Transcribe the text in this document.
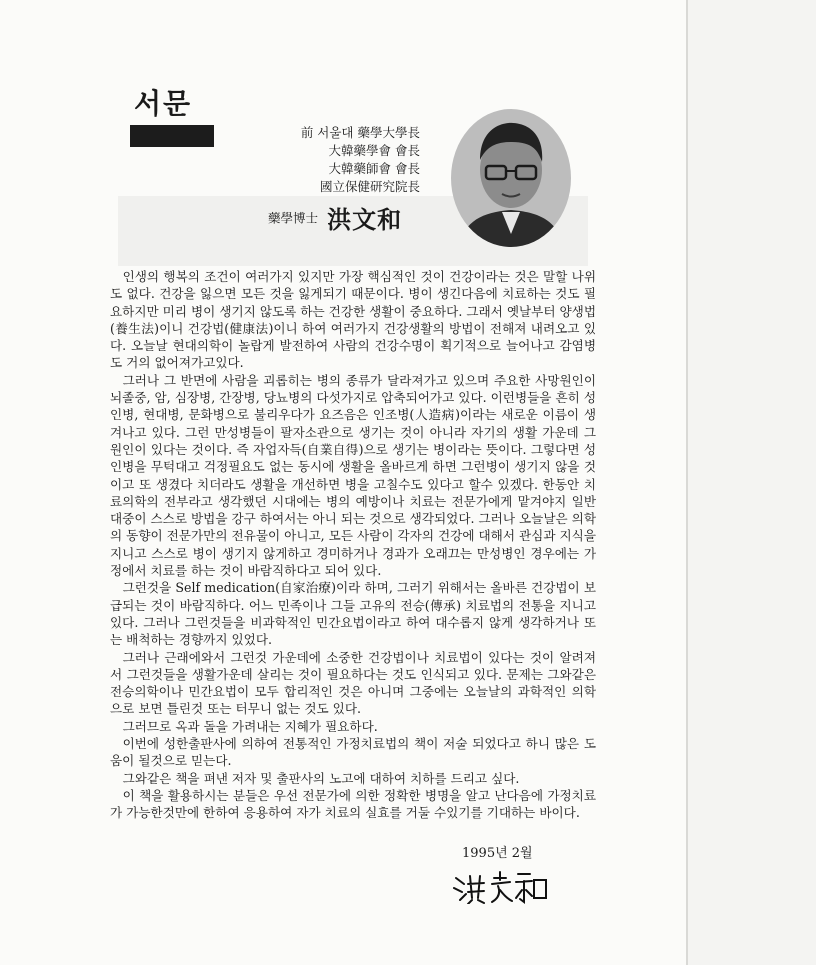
서문
前 서울대 藥學大學長
大韓藥學會 會長
大韓藥師會 會長
國立保健研究院長
藥學博士 洪文和

인생의 행복의 조건이 여러가지 있지만 가장 핵심적인 것이 건강이라는 것은 말할 나위도 없다. 건강을 잃으면 모든 것을 잃게되기 때문이다. 병이 생긴다음에 치료하는 것도 필요하지만 미리 병이 생기지 않도록 하는 건강한 생활이 중요하다. 그래서 옛날부터 양생법(養生法)이니 건강법(健康法)이니 하여 여러가지 건강생활의 방법이 전해져 내려오고 있다. 오늘날 현대의학이 놀랍게 발전하여 사람의 건강수명이 획기적으로 늘어나고 감염병도 거의 없어져가고있다.

그러나 그 반면에 사람을 괴롭히는 병의 종류가 달라져가고 있으며 주요한 사망원인이 뇌졸중, 암, 심장병, 간장병, 당뇨병의 다섯가지로 압축되어가고 있다. 이런병들을 흔히 성인병, 현대병, 문화병으로 불리우다가 요즈음은 인조병(人造病)이라는 새로운 이름이 생겨나고 있다. 그런 만성병들이 팔자소관으로 생기는 것이 아니라 자기의 생활 가운데 그 원인이 있다는 것이다. 즉 자업자득(自業自得)으로 생기는 병이라는 뜻이다. 그렇다면 성인병을 무턱대고 걱정필요도 없는 동시에 생활을 올바르게 하면 그런병이 생기지 않을 것이고 또 생겼다 치더라도 생활을 개선하면 병을 고칠수도 있다고 할수 있겠다. 한동안 치료의학의 전부라고 생각했던 시대에는 병의 예방이나 치료는 전문가에게 맡겨야지 일반대중이 스스로 방법을 강구 하여서는 아니 되는 것으로 생각되었다. 그러나 오늘날은 의학의 동향이 전문가만의 전유물이 아니고, 모든 사람이 각자의 건강에 대해서 관심과 지식을 지니고 스스로 병이 생기지 않게하고 경미하거나 경과가 오래끄는 만성병인 경우에는 가정에서 치료를 하는 것이 바람직하다고 되어 있다.

그런것을 Self medication(自家治療)이라 하며, 그러기 위해서는 올바른 건강법이 보급되는 것이 바람직하다. 어느 민족이나 그들 고유의 전승(傳承) 치료법의 전통을 지니고 있다. 그러나 그런것들을 비과학적인 민간요법이라고 하여 대수롭지 않게 생각하거나 또는 배척하는 경향까지 있었다.

그러나 근래에와서 그런것 가운데에 소중한 건강법이나 치료법이 있다는 것이 알려져서 그런것들을 생활가운데 살리는 것이 필요하다는 것도 인식되고 있다. 문제는 그와같은 전승의학이나 민간요법이 모두 합리적인 것은 아니며 그중에는 오늘날의 과학적인 의학으로 보면 틀린것 또는 터무니 없는 것도 있다.

그러므로 옥과 돌을 가려내는 지혜가 필요하다.

이번에 성한출판사에 의하여 전통적인 가정치료법의 책이 저술 되었다고 하니 많은 도움이 될것으로 믿는다.

그와같은 책을 펴낸 저자 및 출판사의 노고에 대하여 치하를 드리고 싶다.

이 책을 활용하시는 분들은 우선 전문가에 의한 정확한 병명을 알고 난다음에 가정치료가 가능한것만에 한하여 응용하여 자가 치료의 실효를 거둘 수있기를 기대하는 바이다.

1995년 2월
